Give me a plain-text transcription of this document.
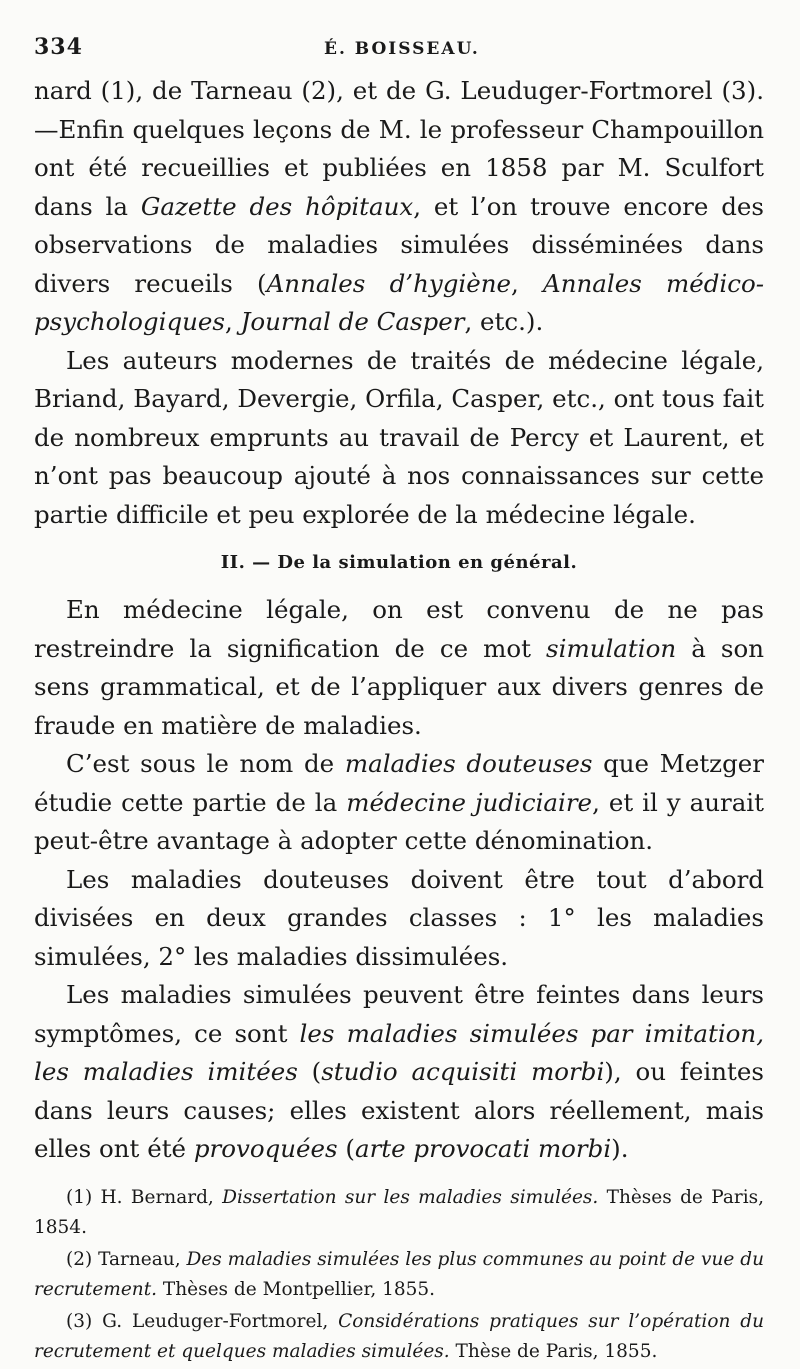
334	É. BOISSEAU.

nard (1), de Tarneau (2), et de G. Leuduger-Fortmorel (3). —Enfin quelques leçons de M. le professeur Champouillon ont été recueillies et publiées en 1858 par M. Sculfort dans la Gazette des hôpitaux, et l’on trouve encore des observations de maladies simulées disséminées dans divers recueils (Annales d’hygiène, Annales médico-psychologiques, Journal de Casper, etc.).

Les auteurs modernes de traités de médecine légale, Briand, Bayard, Devergie, Orfila, Casper, etc., ont tous fait de nombreux emprunts au travail de Percy et Laurent, et n’ont pas beaucoup ajouté à nos connaissances sur cette partie difficile et peu explorée de la médecine légale.

II. — De la simulation en général.

En médecine légale, on est convenu de ne pas restreindre la signification de ce mot simulation à son sens grammatical, et de l’appliquer aux divers genres de fraude en matière de maladies.

C’est sous le nom de maladies douteuses que Metzger étudie cette partie de la médecine judiciaire, et il y aurait peut-être avantage à adopter cette dénomination.

Les maladies douteuses doivent être tout d’abord divisées en deux grandes classes : 1° les maladies simulées, 2° les maladies dissimulées.

Les maladies simulées peuvent être feintes dans leurs symptômes, ce sont les maladies simulées par imitation, les maladies imitées (studio acquisiti morbi), ou feintes dans leurs causes; elles existent alors réellement, mais elles ont été provoquées (arte provocati morbi).

(1) H. Bernard, Dissertation sur les maladies simulées. Thèses de Paris, 1854.

(2) Tarneau, Des maladies simulées les plus communes au point de vue du recrutement. Thèses de Montpellier, 1855.

(3) G. Leuduger-Fortmorel, Considérations pratiques sur l’opération du recrutement et quelques maladies simulées. Thèse de Paris, 1855.
